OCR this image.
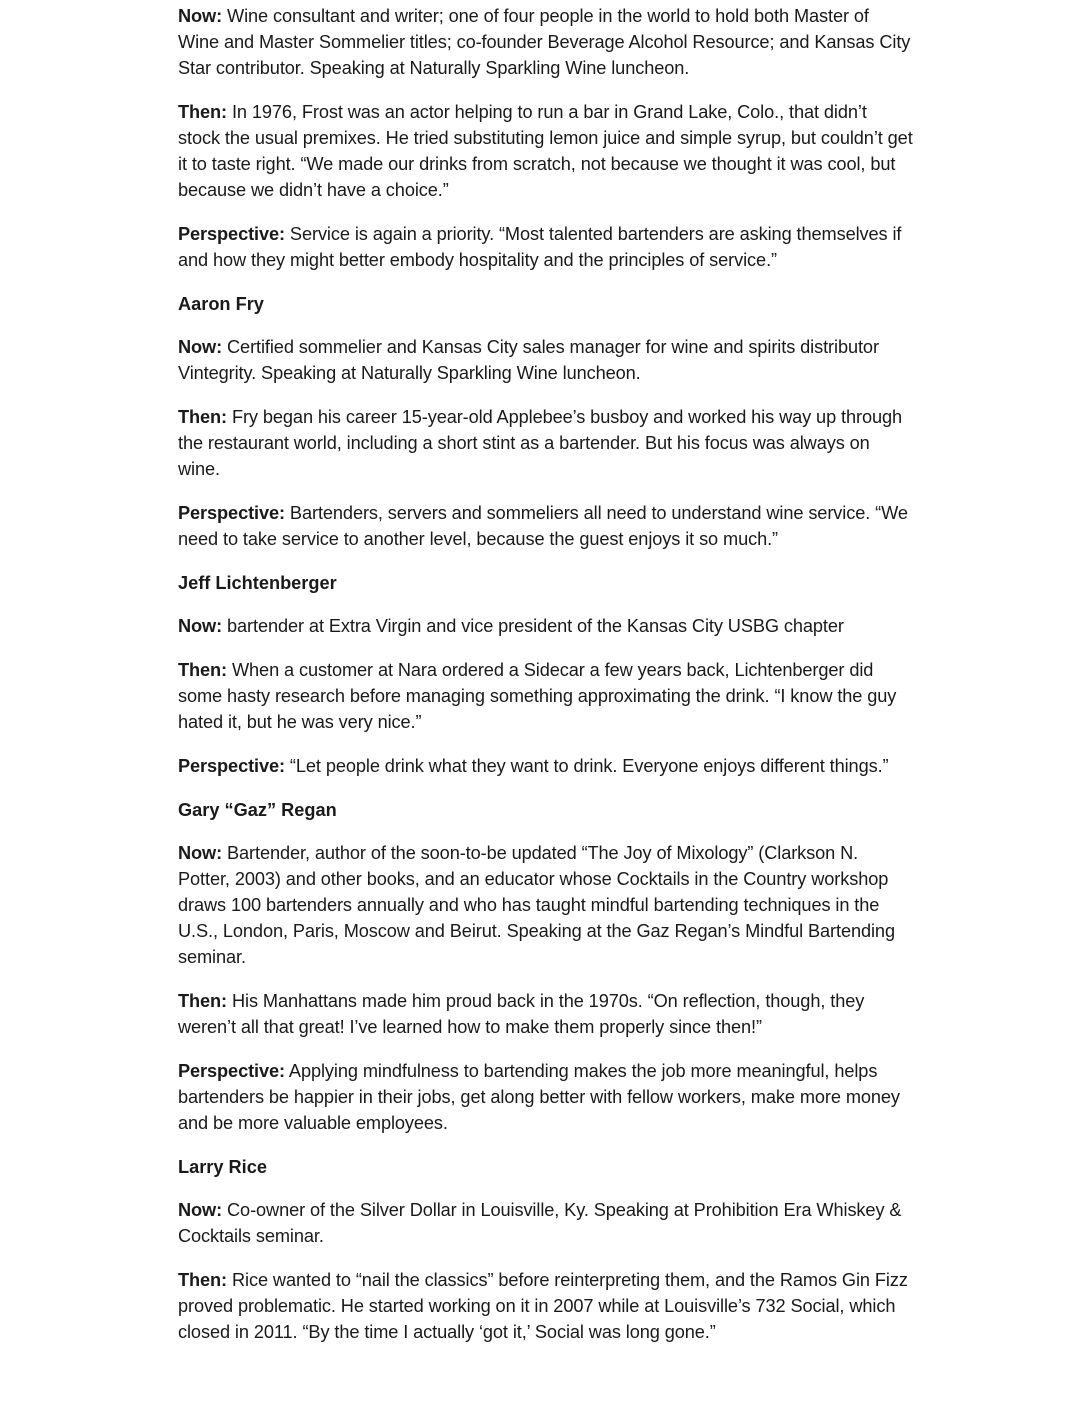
Now: Wine consultant and writer; one of four people in the world to hold both Master of Wine and Master Sommelier titles; co-founder Beverage Alcohol Resource; and Kansas City Star contributor. Speaking at Naturally Sparkling Wine luncheon.

Then: In 1976, Frost was an actor helping to run a bar in Grand Lake, Colo., that didn’t stock the usual premixes. He tried substituting lemon juice and simple syrup, but couldn’t get it to taste right. “We made our drinks from scratch, not because we thought it was cool, but because we didn’t have a choice.”

Perspective: Service is again a priority. “Most talented bartenders are asking themselves if and how they might better embody hospitality and the principles of service.”

Aaron Fry

Now: Certified sommelier and Kansas City sales manager for wine and spirits distributor Vintegrity. Speaking at Naturally Sparkling Wine luncheon.

Then: Fry began his career 15-year-old Applebee’s busboy and worked his way up through the restaurant world, including a short stint as a bartender. But his focus was always on wine.

Perspective: Bartenders, servers and sommeliers all need to understand wine service. “We need to take service to another level, because the guest enjoys it so much.”

Jeff Lichtenberger

Now: bartender at Extra Virgin and vice president of the Kansas City USBG chapter

Then: When a customer at Nara ordered a Sidecar a few years back, Lichtenberger did some hasty research before managing something approximating the drink. “I know the guy hated it, but he was very nice.”

Perspective: “Let people drink what they want to drink. Everyone enjoys different things.”

Gary “Gaz” Regan

Now: Bartender, author of the soon-to-be updated “The Joy of Mixology” (Clarkson N. Potter, 2003) and other books, and an educator whose Cocktails in the Country workshop draws 100 bartenders annually and who has taught mindful bartending techniques in the U.S., London, Paris, Moscow and Beirut. Speaking at the Gaz Regan’s Mindful Bartending seminar.

Then: His Manhattans made him proud back in the 1970s. “On reflection, though, they weren’t all that great! I’ve learned how to make them properly since then!”

Perspective: Applying mindfulness to bartending makes the job more meaningful, helps bartenders be happier in their jobs, get along better with fellow workers, make more money and be more valuable employees.

Larry Rice

Now: Co-owner of the Silver Dollar in Louisville, Ky. Speaking at Prohibition Era Whiskey & Cocktails seminar.

Then: Rice wanted to “nail the classics” before reinterpreting them, and the Ramos Gin Fizz proved problematic. He started working on it in 2007 while at Louisville’s 732 Social, which closed in 2011. “By the time I actually ‘got it,’ Social was long gone.”
